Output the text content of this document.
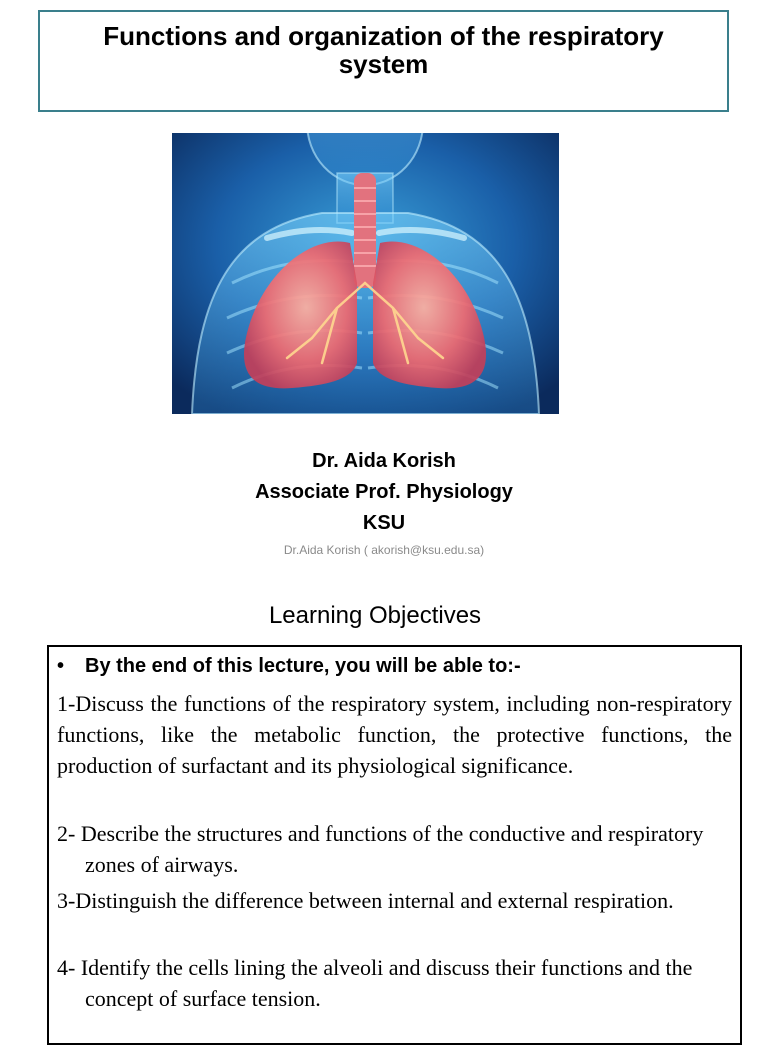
Functions and organization of the respiratory system
Dr. Aida Korish
Associate Prof. Physiology
KSU
Dr.Aida Korish ( akorish@ksu.edu.sa)
Learning Objectives
• By the end of this lecture, you will be able to:-
1-Discuss the functions of the respiratory system, including non-respiratory functions, like the metabolic function, the protective functions, the production of surfactant and its physiological significance.
2- Describe the structures and functions of the conductive and respiratory zones of airways.
3-Distinguish the difference between internal and external respiration.
4- Identify the cells lining the alveoli and discuss their functions and the concept of surface tension.
